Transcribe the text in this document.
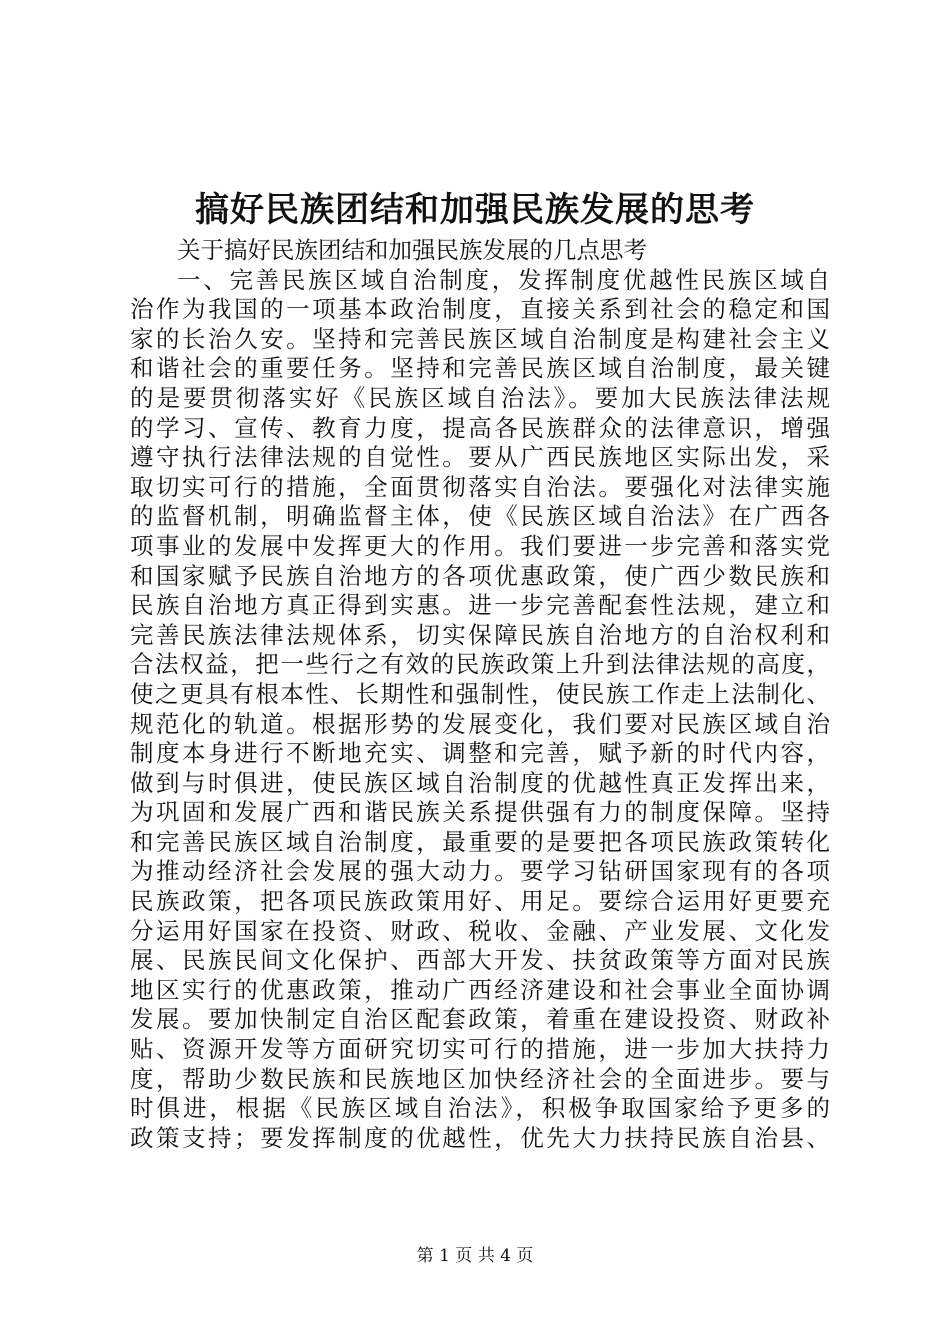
搞好民族团结和加强民族发展的思考
关于搞好民族团结和加强民族发展的几点思考
一、完善民族区域自治制度，发挥制度优越性民族区域自
治作为我国的一项基本政治制度，直接关系到社会的稳定和国
家的长治久安。坚持和完善民族区域自治制度是构建社会主义
和谐社会的重要任务。坚持和完善民族区域自治制度，最关键
的是要贯彻落实好《民族区域自治法》。要加大民族法律法规
的学习、宣传、教育力度，提高各民族群众的法律意识，增强
遵守执行法律法规的自觉性。要从广西民族地区实际出发，采
取切实可行的措施，全面贯彻落实自治法。要强化对法律实施
的监督机制，明确监督主体，使《民族区域自治法》在广西各
项事业的发展中发挥更大的作用。我们要进一步完善和落实党
和国家赋予民族自治地方的各项优惠政策，使广西少数民族和
民族自治地方真正得到实惠。进一步完善配套性法规，建立和
完善民族法律法规体系，切实保障民族自治地方的自治权利和
合法权益，把一些行之有效的民族政策上升到法律法规的高度，
使之更具有根本性、长期性和强制性，使民族工作走上法制化、
规范化的轨道。根据形势的发展变化，我们要对民族区域自治
制度本身进行不断地充实、调整和完善，赋予新的时代内容，
做到与时俱进，使民族区域自治制度的优越性真正发挥出来，
为巩固和发展广西和谐民族关系提供强有力的制度保障。坚持
和完善民族区域自治制度，最重要的是要把各项民族政策转化
为推动经济社会发展的强大动力。要学习钻研国家现有的各项
民族政策，把各项民族政策用好、用足。要综合运用好更要充
分运用好国家在投资、财政、税收、金融、产业发展、文化发
展、民族民间文化保护、西部大开发、扶贫政策等方面对民族
地区实行的优惠政策，推动广西经济建设和社会事业全面协调
发展。要加快制定自治区配套政策，着重在建设投资、财政补
贴、资源开发等方面研究切实可行的措施，进一步加大扶持力
度，帮助少数民族和民族地区加快经济社会的全面进步。要与
时俱进，根据《民族区域自治法》，积极争取国家给予更多的
政策支持；要发挥制度的优越性，优先大力扶持民族自治县、
第 1 页 共 4 页
